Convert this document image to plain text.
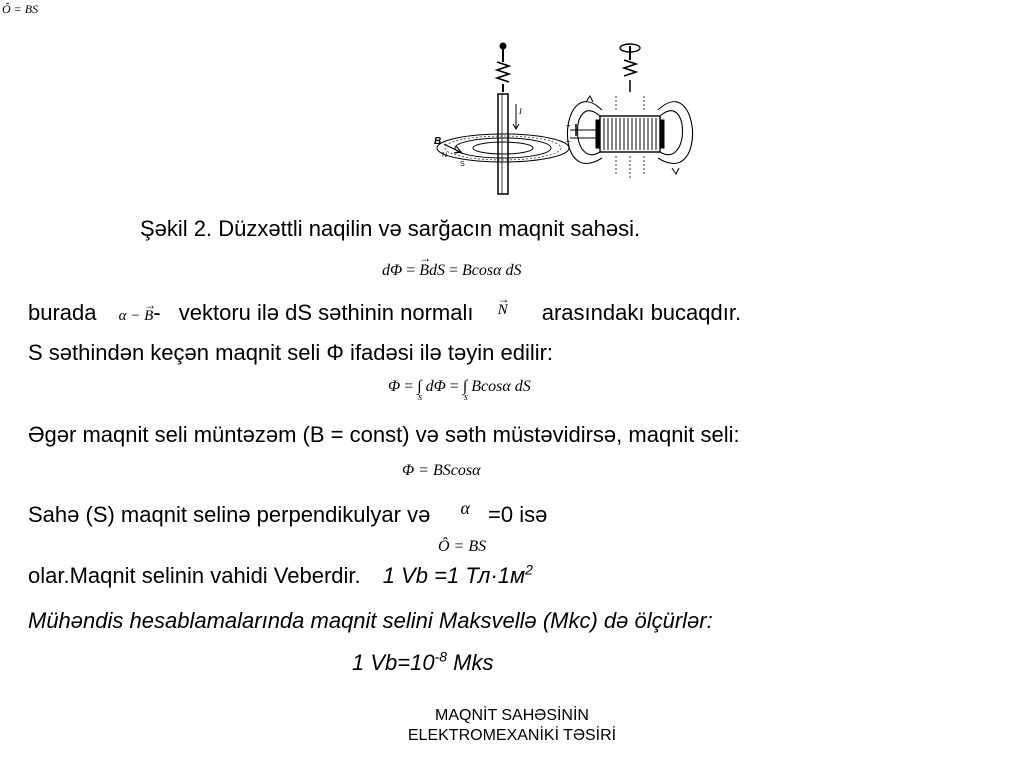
Ô = BS
I
B
N
S
+
−
Şəkil 2. Düzxəttli naqilin və sarğacın maqnit sahəsi.
dΦ =
→
BdS = Bcosα dS
burada α −
→
B- vektoru ilə dS səthinin normalı
$^{\to N}$ arasındakı bucaqdır.
S səthindən keçən maqnit seli Φ ifadəsi ilə təyin edilir:
Φ = ∫
s
dΦ = ∫
s
Bcosα dS
Əgər maqnit seli müntəzəm (B = const) və səth müstəvidirsə, maqnit seli:
Φ = BScosα
Sahə (S) maqnit selinə perpendikulyar və $^\alpha$ =0 isə
Ô = BS
olar.Maqnit selinin vahidi Veberdir. 1 Vb =1 $Тл\cdot 1м^2$
Mühəndis hesablamalarında maqnit selini Maksvellə (Mkc) də ölçürlər:
1 $Vb=10^{-8}$ Mks
MAQNİT SAHƏSİNİN
ELEKTROMEXANİKİ TƏSİRİ
